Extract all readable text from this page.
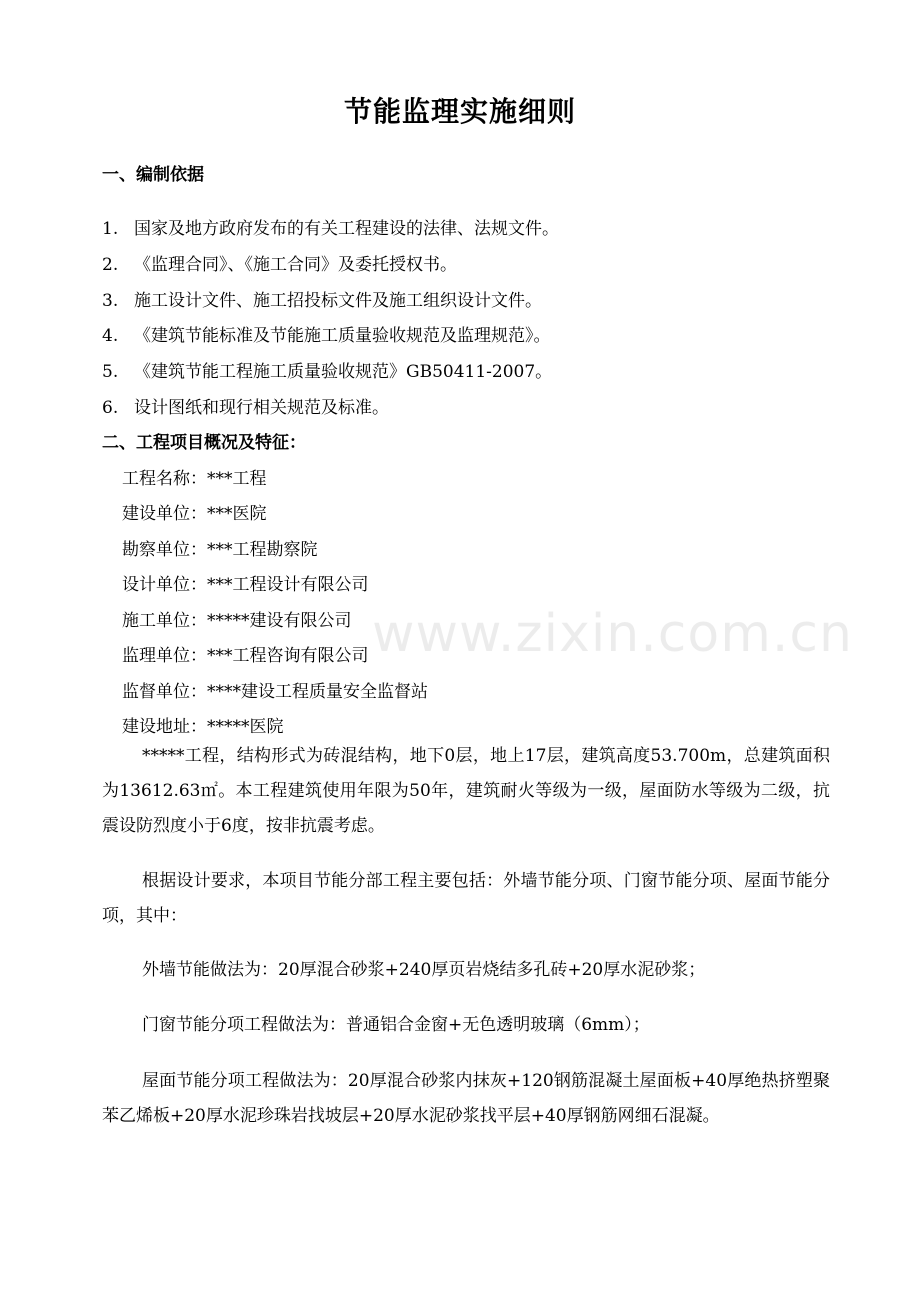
节能监理实施细则
一、编制依据
1. 国家及地方政府发布的有关工程建设的法律、法规文件。
2. 《监理合同》、《施工合同》及委托授权书。
3. 施工设计文件、施工招投标文件及施工组织设计文件。
4. 《建筑节能标准及节能施工质量验收规范及监理规范》。
5. 《建筑节能工程施工质量验收规范》GB50411-2007。
6. 设计图纸和现行相关规范及标准。
二、工程项目概况及特征：
工程名称：***工程
建设单位：***医院
勘察单位：***工程勘察院
设计单位：***工程设计有限公司
施工单位：*****建设有限公司
监理单位：***工程咨询有限公司
监督单位：****建设工程质量安全监督站
建设地址：*****医院
*****工程，结构形式为砖混结构，地下0层，地上17层，建筑高度53.700m，总建筑面积为13612.63㎡。本工程建筑使用年限为50年，建筑耐火等级为一级，屋面防水等级为二级，抗震设防烈度小于6度，按非抗震考虑。
根据设计要求，本项目节能分部工程主要包括：外墙节能分项、门窗节能分项、屋面节能分项，其中：
外墙节能做法为：20厚混合砂浆+240厚页岩烧结多孔砖+20厚水泥砂浆；
门窗节能分项工程做法为：普通铝合金窗+无色透明玻璃（6mm）；
屋面节能分项工程做法为：20厚混合砂浆内抹灰+120钢筋混凝土屋面板+40厚绝热挤塑聚苯乙烯板+20厚水泥珍珠岩找坡层+20厚水泥砂浆找平层+40厚钢筋网细石混凝。
www.zixin.com.cn
